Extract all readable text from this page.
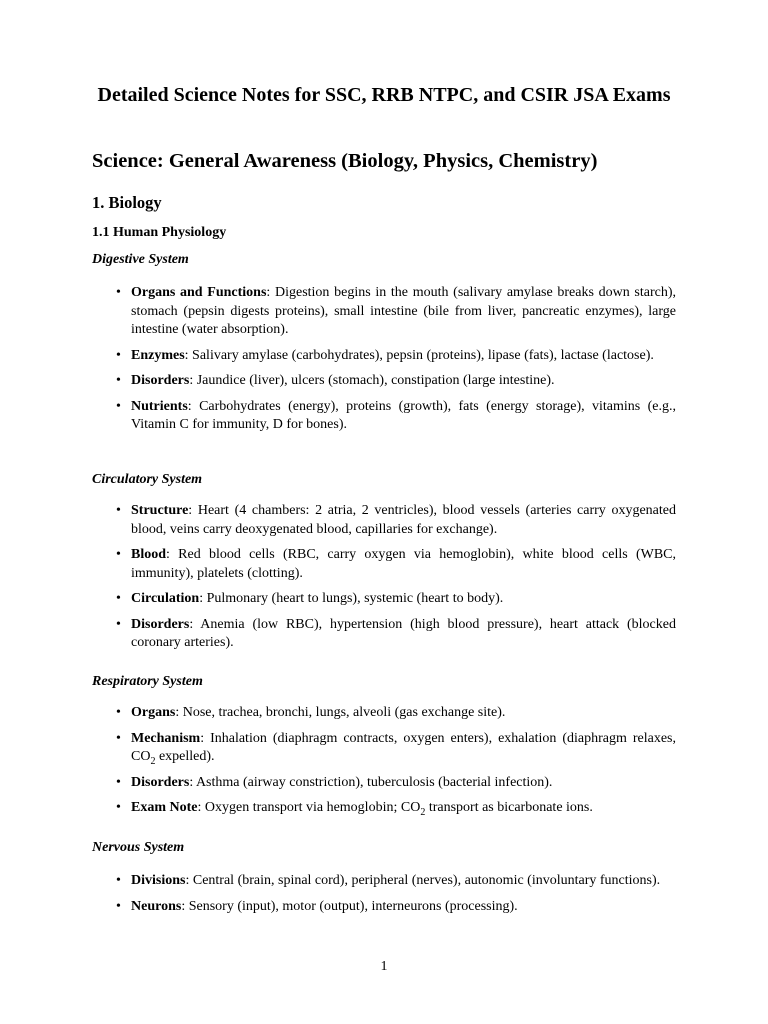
Detailed Science Notes for SSC, RRB NTPC, and CSIR JSA Exams
Science: General Awareness (Biology, Physics, Chemistry)
1. Biology
1.1 Human Physiology
Digestive System
• Organs and Functions: Digestion begins in the mouth (salivary amylase breaks down starch), stomach (pepsin digests proteins), small intestine (bile from liver, pancreatic enzymes), large intestine (water absorption).
• Enzymes: Salivary amylase (carbohydrates), pepsin (proteins), lipase (fats), lactase (lactose).
• Disorders: Jaundice (liver), ulcers (stomach), constipation (large intestine).
• Nutrients: Carbohydrates (energy), proteins (growth), fats (energy storage), vitamins (e.g., Vitamin C for immunity, D for bones).
Circulatory System
• Structure: Heart (4 chambers: 2 atria, 2 ventricles), blood vessels (arteries carry oxygenated blood, veins carry deoxygenated blood, capillaries for exchange).
• Blood: Red blood cells (RBC, carry oxygen via hemoglobin), white blood cells (WBC, immunity), platelets (clotting).
• Circulation: Pulmonary (heart to lungs), systemic (heart to body).
• Disorders: Anemia (low RBC), hypertension (high blood pressure), heart attack (blocked coronary arteries).
Respiratory System
• Organs: Nose, trachea, bronchi, lungs, alveoli (gas exchange site).
• Mechanism: Inhalation (diaphragm contracts, oxygen enters), exhalation (diaphragm relaxes, $CO_2$ expelled).
• Disorders: Asthma (airway constriction), tuberculosis (bacterial infection).
• Exam Note: Oxygen transport via hemoglobin; $CO_2$ transport as bicarbonate ions.
Nervous System
• Divisions: Central (brain, spinal cord), peripheral (nerves), autonomic (involuntary functions).
• Neurons: Sensory (input), motor (output), interneurons (processing).
1
